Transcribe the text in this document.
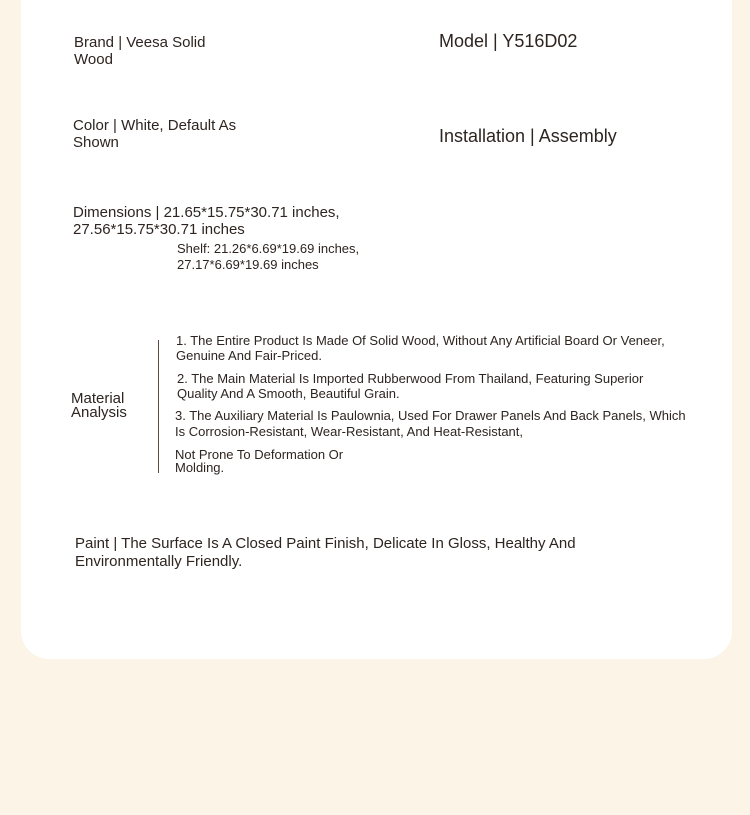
Brand | Veesa Solid Wood

Model | Y516D02

Color | White, Default As Shown	Installation | Assembly

Dimensions | 21.65*15.75*30.71 inches, 27.56*15.75*30.71 inches

Shelf: 21.26*6.69*19.69 inches, 27.17*6.69*19.69 inches

Material Analysis

1. The Entire Product Is Made Of Solid Wood, Without Any Artificial Board Or Veneer, Genuine And Fair-Priced.

2. The Main Material Is Imported Rubberwood From Thailand, Featuring Superior Quality And A Smooth, Beautiful Grain.

3. The Auxiliary Material Is Paulownia, Used For Drawer Panels And Back Panels, Which Is Corrosion-Resistant, Wear-Resistant, And Heat-Resistant,

Not Prone To Deformation Or Molding.

Paint | The Surface Is A Closed Paint Finish, Delicate In Gloss, Healthy And Environmentally Friendly.
